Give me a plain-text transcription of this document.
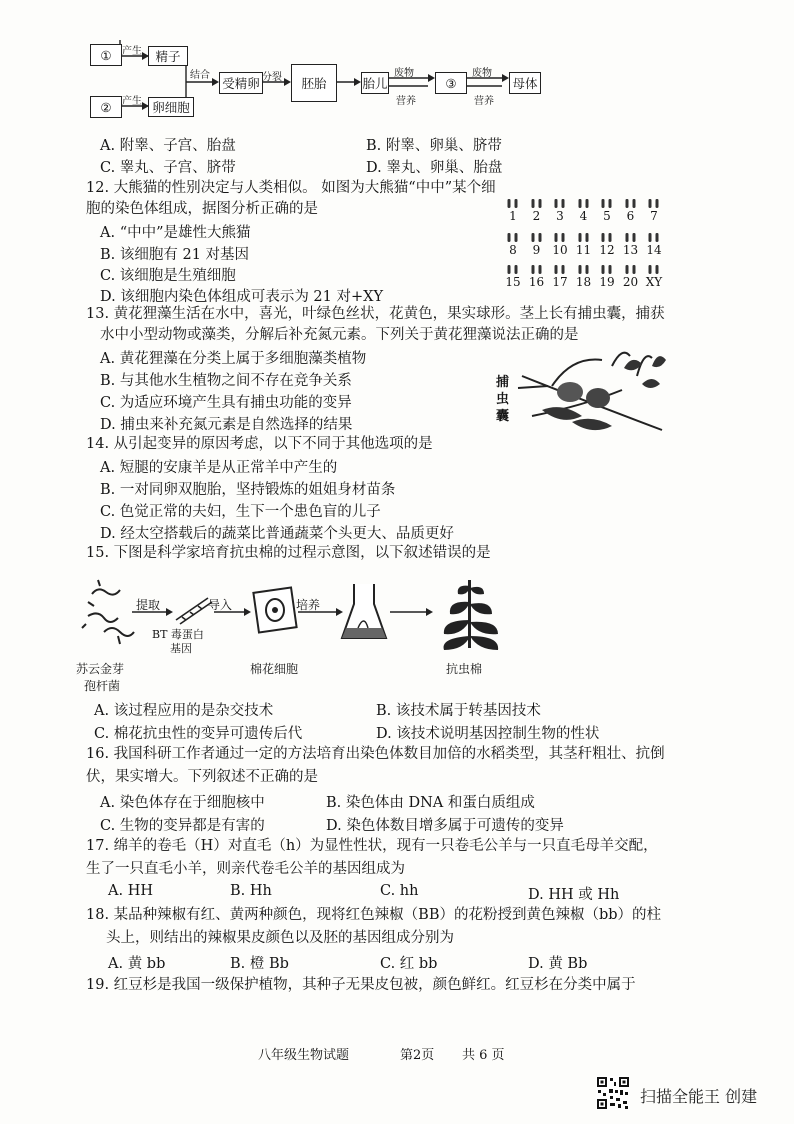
① 产生 精子
② 产生 卵细胞
结合
受精卵 分裂 胚胎	胎儿
废物
营养
③
废物
营养
母体
A. 附睾、子宫、胎盘	B. 附睾、卵巢、脐带
C. 睾丸、子宫、脐带	D. 睾丸、卵巢、胎盘
12. 大熊猫的性别决定与人类相似。 如图为大熊猫“中中”某个细
胞的染色体组成，据图分析正确的是
A. “中中”是雄性大熊猫
B. 该细胞有 21 对基因
C. 该细胞是生殖细胞
D. 该细胞内染色体组成可表示为 21 对+XY
1 2 3 4 5 6 7
8 9 10 11 12 13 14
15 16 17 18 19 20 XY
13. 黄花狸藻生活在水中，喜光，叶绿色丝状，花黄色，果实球形。茎上长有捕虫囊，捕获
水中小型动物或藻类，分解后补充氮元素。下列关于黄花狸藻说法正确的是
A. 黄花狸藻在分类上属于多细胞藻类植物
B. 与其他水生植物之间不存在竞争关系
C. 为适应环境产生具有捕虫功能的变异
D. 捕虫来补充氮元素是自然选择的结果
捕
虫
囊
14. 从引起变异的原因考虑，以下不同于其他选项的是
A. 短腿的安康羊是从正常羊中产生的
B. 一对同卵双胞胎，坚持锻炼的姐姐身材苗条
C. 色觉正常的夫妇，生下一个患色盲的儿子
D. 经太空搭载后的蔬菜比普通蔬菜个头更大、品质更好
15. 下图是科学家培育抗虫棉的过程示意图，以下叙述错误的是
提取	导入	培养
BT 毒蛋白
基因
苏云金芽
孢杆菌
棉花细胞	抗虫棉
A. 该过程应用的是杂交技术	B. 该技术属于转基因技术
C. 棉花抗虫性的变异可遗传后代	D. 该技术说明基因控制生物的性状
16. 我国科研工作者通过一定的方法培育出染色体数目加倍的水稻类型，其茎秆粗壮、抗倒
伏，果实增大。下列叙述不正确的是
A. 染色体存在于细胞核中	B. 染色体由 DNA 和蛋白质组成
C. 生物的变异都是有害的	D. 染色体数目增多属于可遗传的变异
17. 绵羊的卷毛（H）对直毛（h）为显性性状，现有一只卷毛公羊与一只直毛母羊交配，
生了一只直毛小羊，则亲代卷毛公羊的基因组成为
A. HH	B. Hh	C. hh	D. HH 或 Hh
18. 某品种辣椒有红、黄两种颜色，现将红色辣椒（BB）的花粉授到黄色辣椒（bb）的柱
头上，则结出的辣椒果皮颜色以及胚的基因组成分别为
A. 黄 bb	B. 橙 Bb	C. 红 bb	D. 黄 Bb
19. 红豆杉是我国一级保护植物，其种子无果皮包被，颜色鲜红。红豆杉在分类中属于
八年级生物试题	第2页 共 6 页
扫描全能王 创建
